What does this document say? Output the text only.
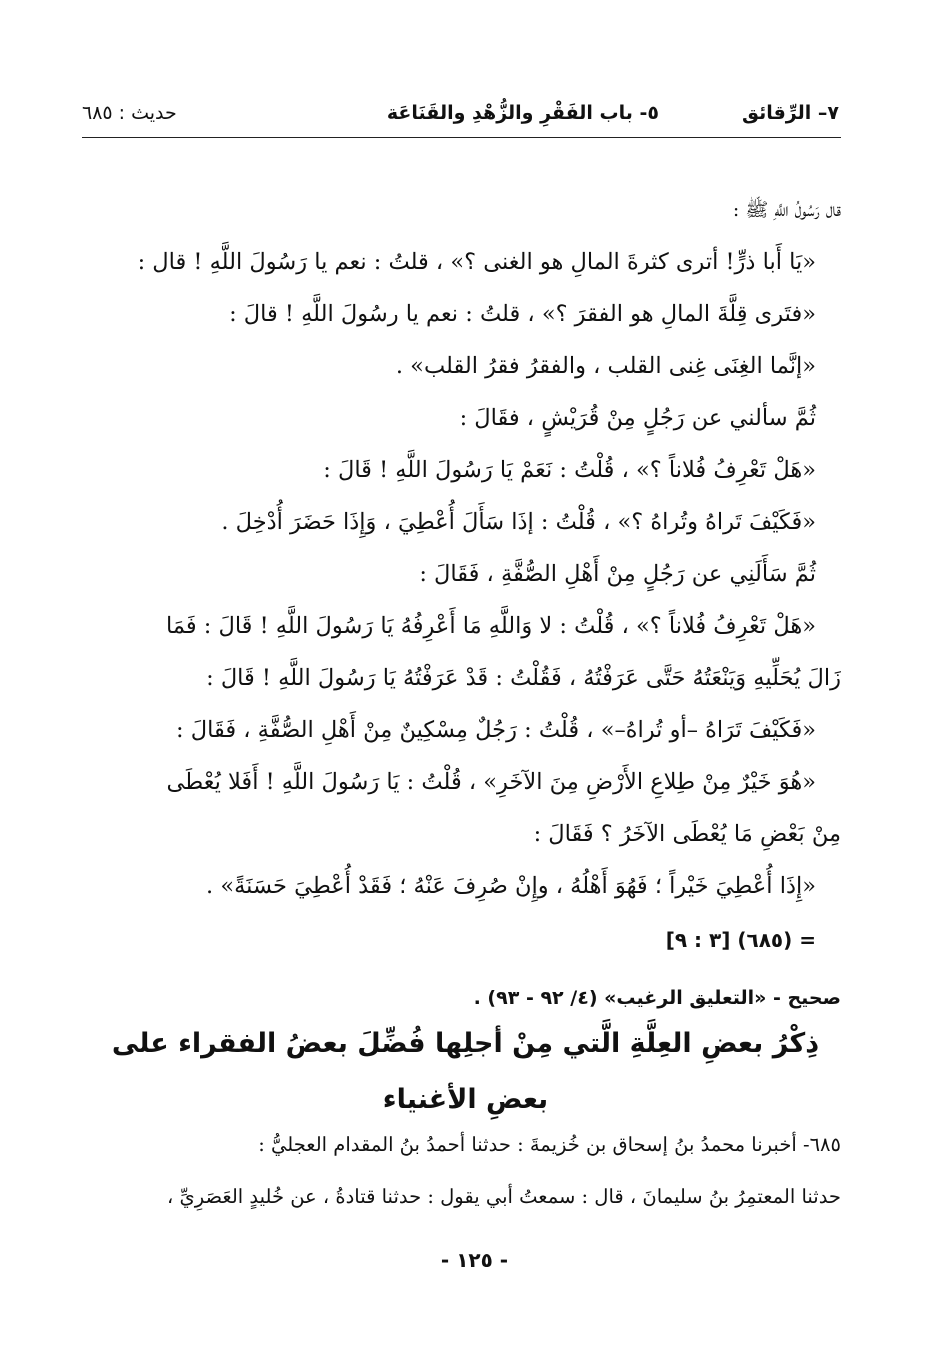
٧– الرِّقائق
٥- باب الفَقْرِ والزُّهْدِ والقَنَاعَة
حديث : ٦٨٥
قال رَسُولُ اللَّهِ ﷺ :
«يَا أَبا ذرٍّ! أترى كثرةَ المالِ هو الغنى ؟» ، قلتُ : نعم يا رَسُولَ اللَّهِ ! قال :
«فتَرى قِلَّةَ المالِ هو الفقرَ ؟» ، قلتُ : نعم يا رسُولَ اللَّهِ ! قالَ :
«إنَّما الغِنَى غِنى القلب ، والفقرُ فقرُ القلب» .
ثُمَّ سألني عن رَجُلٍ مِنْ قُرَيْشٍ ، فقَالَ :
«هَلْ تَعْرِفُ فُلاناً ؟» ، قُلْتُ : نَعَمْ يَا رَسُولَ اللَّهِ ! قَالَ :
«فَكَيْفَ تَراهُ وتُراهُ ؟» ، قُلْتُ : إذَا سَأَلَ أُعْطِيَ ، وَإِذَا حَضَرَ أُدْخِلَ .
ثُمَّ سَأَلَنِي عن رَجُلٍ مِنْ أَهْلِ الصُّفَّةِ ، فَقَالَ :
«هَلْ تَعْرِفُ فُلاناً ؟» ، قُلْتُ : لا وَاللَّهِ مَا أَعْرِفُهُ يَا رَسُولَ اللَّهِ ! قَالَ : فَمَا
زَالَ يُحَلِّيهِ وَيَنْعَتُهُ حَتَّى عَرَفْتُهُ ، فَقُلْتُ : قَدْ عَرَفْتُهُ يَا رَسُولَ اللَّهِ ! قَالَ :
«فَكَيْفَ تَرَاهُ –أو تُراهُ–» ، قُلْتُ : رَجُلٌ مِسْكِينٌ مِنْ أَهْلِ الصُّفَّةِ ، فَقَالَ :
«هُوَ خَيْرٌ مِنْ طِلاعِ الأَرْضِ مِنَ الآخَرِ» ، قُلْتُ : يَا رَسُولَ اللَّهِ ! أَفَلا يُعْطَى
مِنْ بَعْضِ مَا يُعْطَى الآخَرُ ؟ فَقَالَ :
«إِذَا أُعْطِيَ خَيْراً ؛ فَهُوَ أَهْلُهُ ، وإِنْ صُرِفَ عَنْهُ ؛ فَقَدْ أُعْطِيَ حَسَنَةً» .
= (٦٨٥) [٣ : ٩]
صحيح - «التعليق الرغيب» (٤/ ٩٢ - ٩٣) .
ذِكْرُ بعضِ العِلَّةِ الَّتي مِنْ أجلِها فُضِّلَ بعضُ الفقراء على
بعضِ الأغنياء
٦٨٥- أخبرنا محمدُ بنُ إسحاق بن خُزيمةَ : حدثنا أحمدُ بنُ المقدام العجليُّ :
حدثنا المعتمِرُ بنُ سليمانَ ، قال : سمعتُ أبي يقول : حدثنا قتادةُ ، عن خُليدٍ العَصَرِيِّ ،
- ١٢٥ -
